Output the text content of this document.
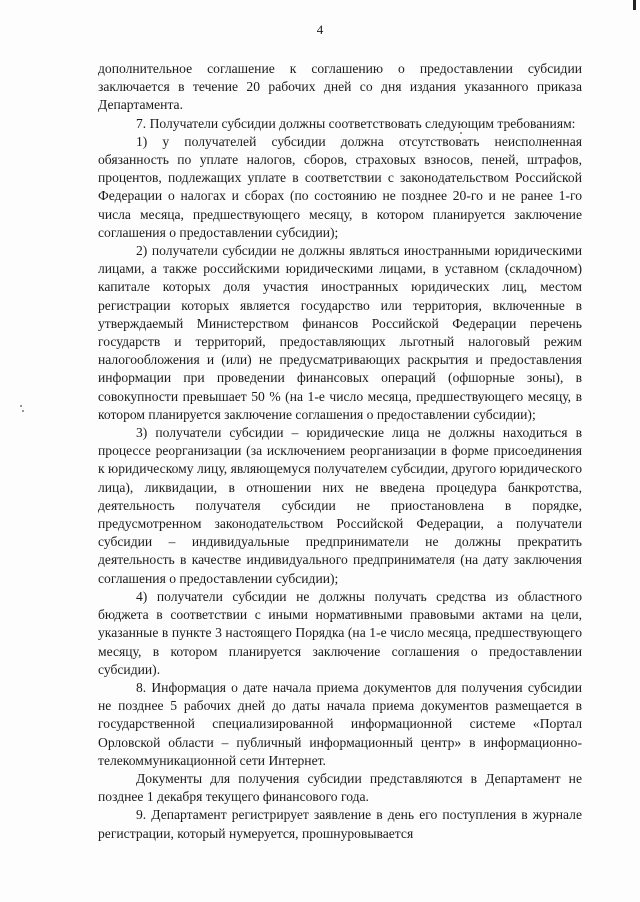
4

дополнительное соглашение к соглашению о предоставлении субсидии заключается в течение 20 рабочих дней со дня издания указанного приказа Департамента.

7. Получатели субсидии должны соответствовать следующим требованиям:

1) у получателей субсидии должна отсутствовать неисполненная обязанность по уплате налогов, сборов, страховых взносов, пеней, штрафов, процентов, подлежащих уплате в соответствии с законодательством Российской Федерации о налогах и сборах (по состоянию не позднее 20-го и не ранее 1-го числа месяца, предшествующего месяцу, в котором планируется заключение соглашения о предоставлении субсидии);

2) получатели субсидии не должны являться иностранными юридическими лицами, а также российскими юридическими лицами, в уставном (складочном) капитале которых доля участия иностранных юридических лиц, местом регистрации которых является государство или территория, включенные в утверждаемый Министерством финансов Российской Федерации перечень государств и территорий, предоставляющих льготный налоговый режим налогообложения и (или) не предусматривающих раскрытия и предоставления информации при проведении финансовых операций (офшорные зоны), в совокупности превышает 50 % (на 1-е число месяца, предшествующего месяцу, в котором планируется заключение соглашения о предоставлении субсидии);

3) получатели субсидии – юридические лица не должны находиться в процессе реорганизации (за исключением реорганизации в форме присоединения к юридическому лицу, являющемуся получателем субсидии, другого юридического лица), ликвидации, в отношении них не введена процедура банкротства, деятельность получателя субсидии не приостановлена в порядке, предусмотренном законодательством Российской Федерации, а получатели субсидии – индивидуальные предприниматели не должны прекратить деятельность в качестве индивидуального предпринимателя (на дату заключения соглашения о предоставлении субсидии);

4) получатели субсидии не должны получать средства из областного бюджета в соответствии с иными нормативными правовыми актами на цели, указанные в пункте 3 настоящего Порядка (на 1-е число месяца, предшествующего месяцу, в котором планируется заключение соглашения о предоставлении субсидии).

8. Информация о дате начала приема документов для получения субсидии не позднее 5 рабочих дней до даты начала приема документов размещается в государственной специализированной информационной системе «Портал Орловской области – публичный информационный центр» в информационно-телекоммуникационной сети Интернет.

Документы для получения субсидии представляются в Департамент не позднее 1 декабря текущего финансового года.

9. Департамент регистрирует заявление в день его поступления в журнале регистрации, который нумеруется, прошнуровывается
